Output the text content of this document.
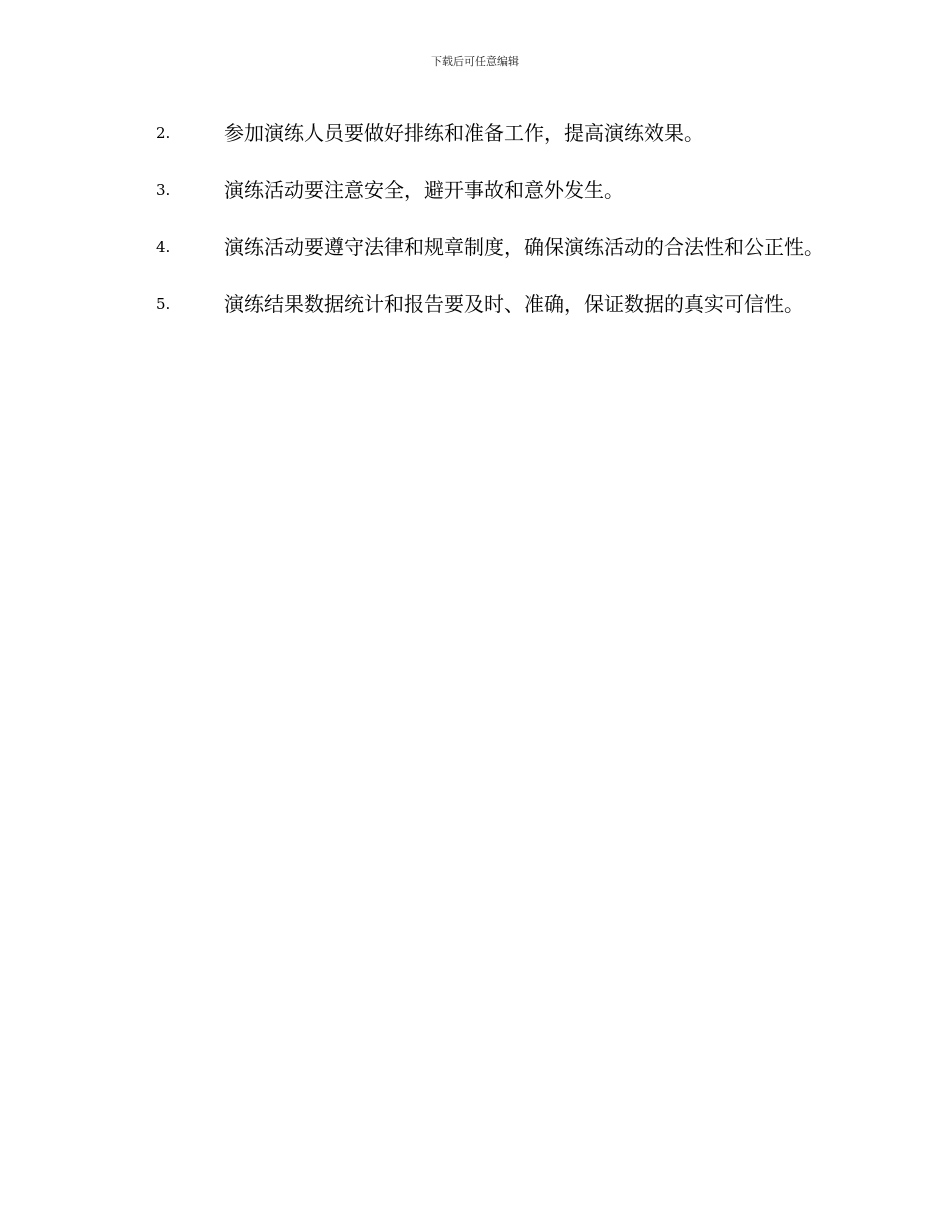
下载后可任意编辑
2.	参加演练人员要做好排练和准备工作，提高演练效果。
3.	演练活动要注意安全，避开事故和意外发生。
4.	演练活动要遵守法律和规章制度，确保演练活动的合法性和公正性。
5.	演练结果数据统计和报告要及时、准确，保证数据的真实可信性。
